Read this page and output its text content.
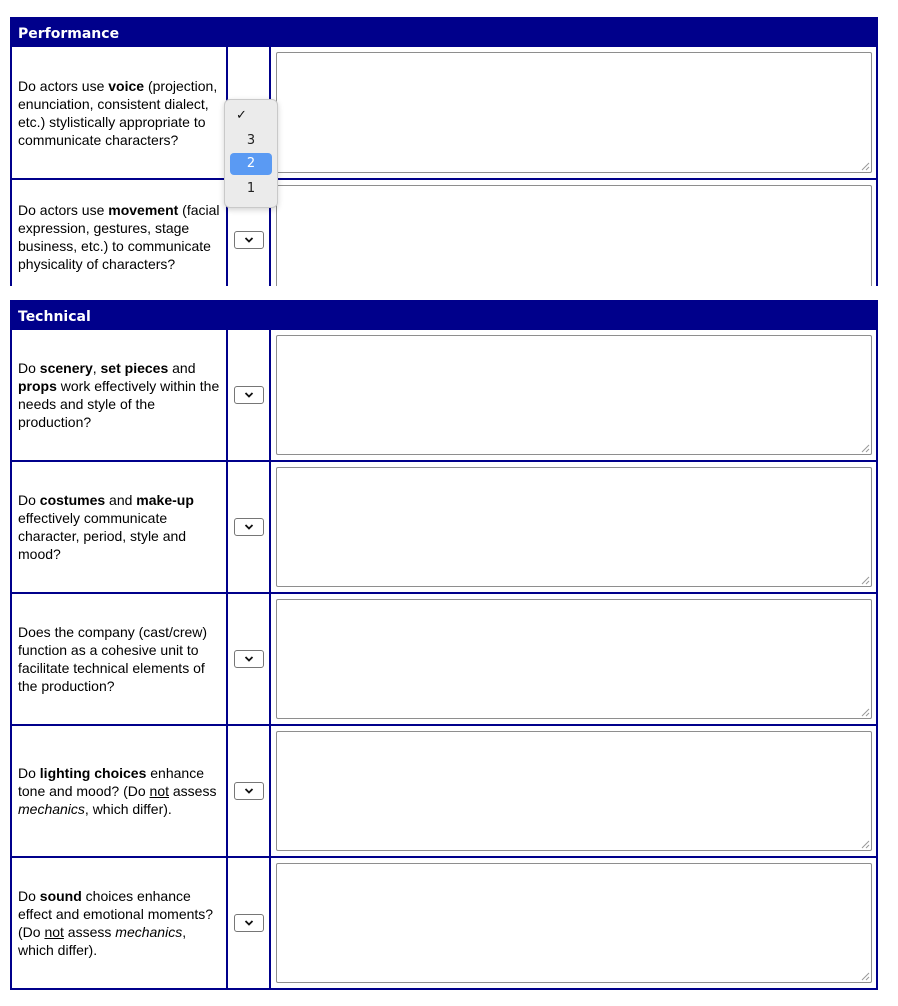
Performance
Do actors use voice (projection, enunciation, consistent dialect, etc.) stylistically appropriate to communicate characters?
Do actors use movement (facial expression, gestures, stage business, etc.) to communicate physicality of characters?
✓
3
2
1
Technical
Do scenery, set pieces and props work effectively within the needs and style of the production?
Do costumes and make-up effectively communicate character, period, style and mood?
Does the company (cast/crew) function as a cohesive unit to facilitate technical elements of the production?
Do lighting choices enhance tone and mood? (Do not assess mechanics, which differ).
Do sound choices enhance effect and emotional moments? (Do not assess mechanics, which differ).
